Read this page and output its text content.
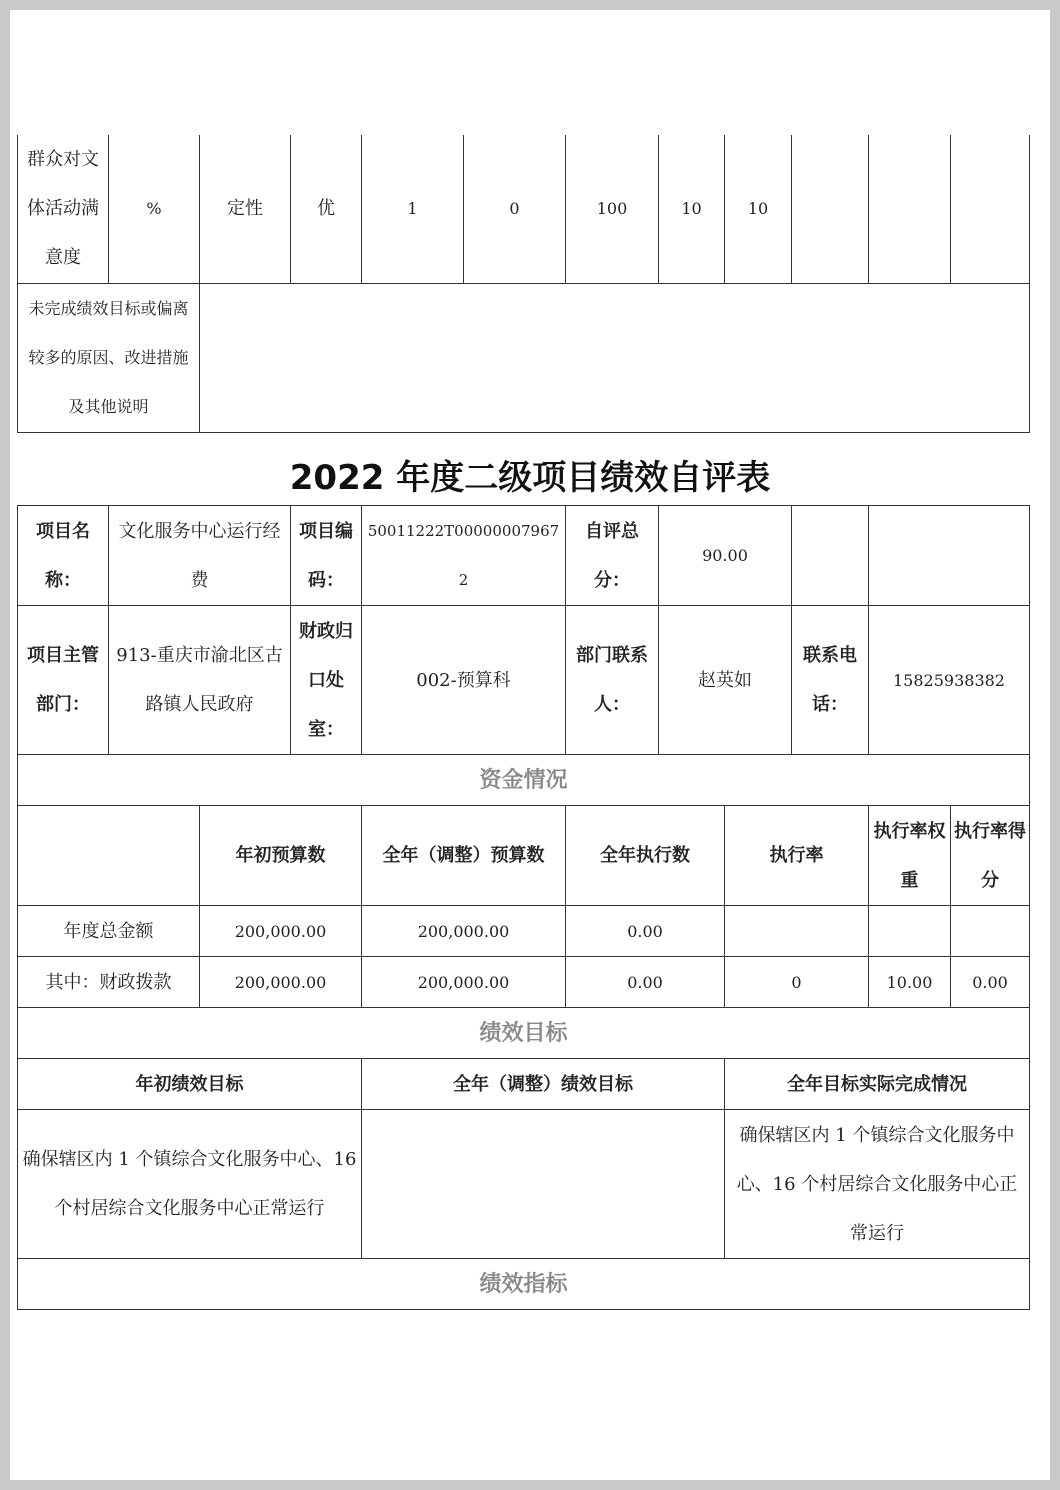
群众对文体活动满意度	%	定性	优	1	0	100	10	10			
未完成绩效目标或偏离较多的原因、改进措施及其他说明											
2022 年度二级项目绩效自评表
项目名称：	文化服务中心运行经费		项目编码：	50011222T000000079672	自评总分：	90.00				
项目主管部门：	913-重庆市渝北区古路镇人民政府		财政归口处室：	002-预算科	部门联系人：	赵英如		联系电话：	15825938382	
资金情况										
		年初预算数		全年（调整）预算数	全年执行数		执行率		执行率权重	执行率得分
年度总金额		200,000.00		200,000.00	0.00					
其中：财政拨款		200,000.00		200,000.00	0.00		0		10.00	0.00
绩效目标										
年初绩效目标				全年（调整）绩效目标			全年目标实际完成情况			
确保辖区内 1 个镇综合文化服务中心、16 个村居综合文化服务中心正常运行							确保辖区内 1 个镇综合文化服务中心、16 个村居综合文化服务中心正常运行			
绩效指标										
